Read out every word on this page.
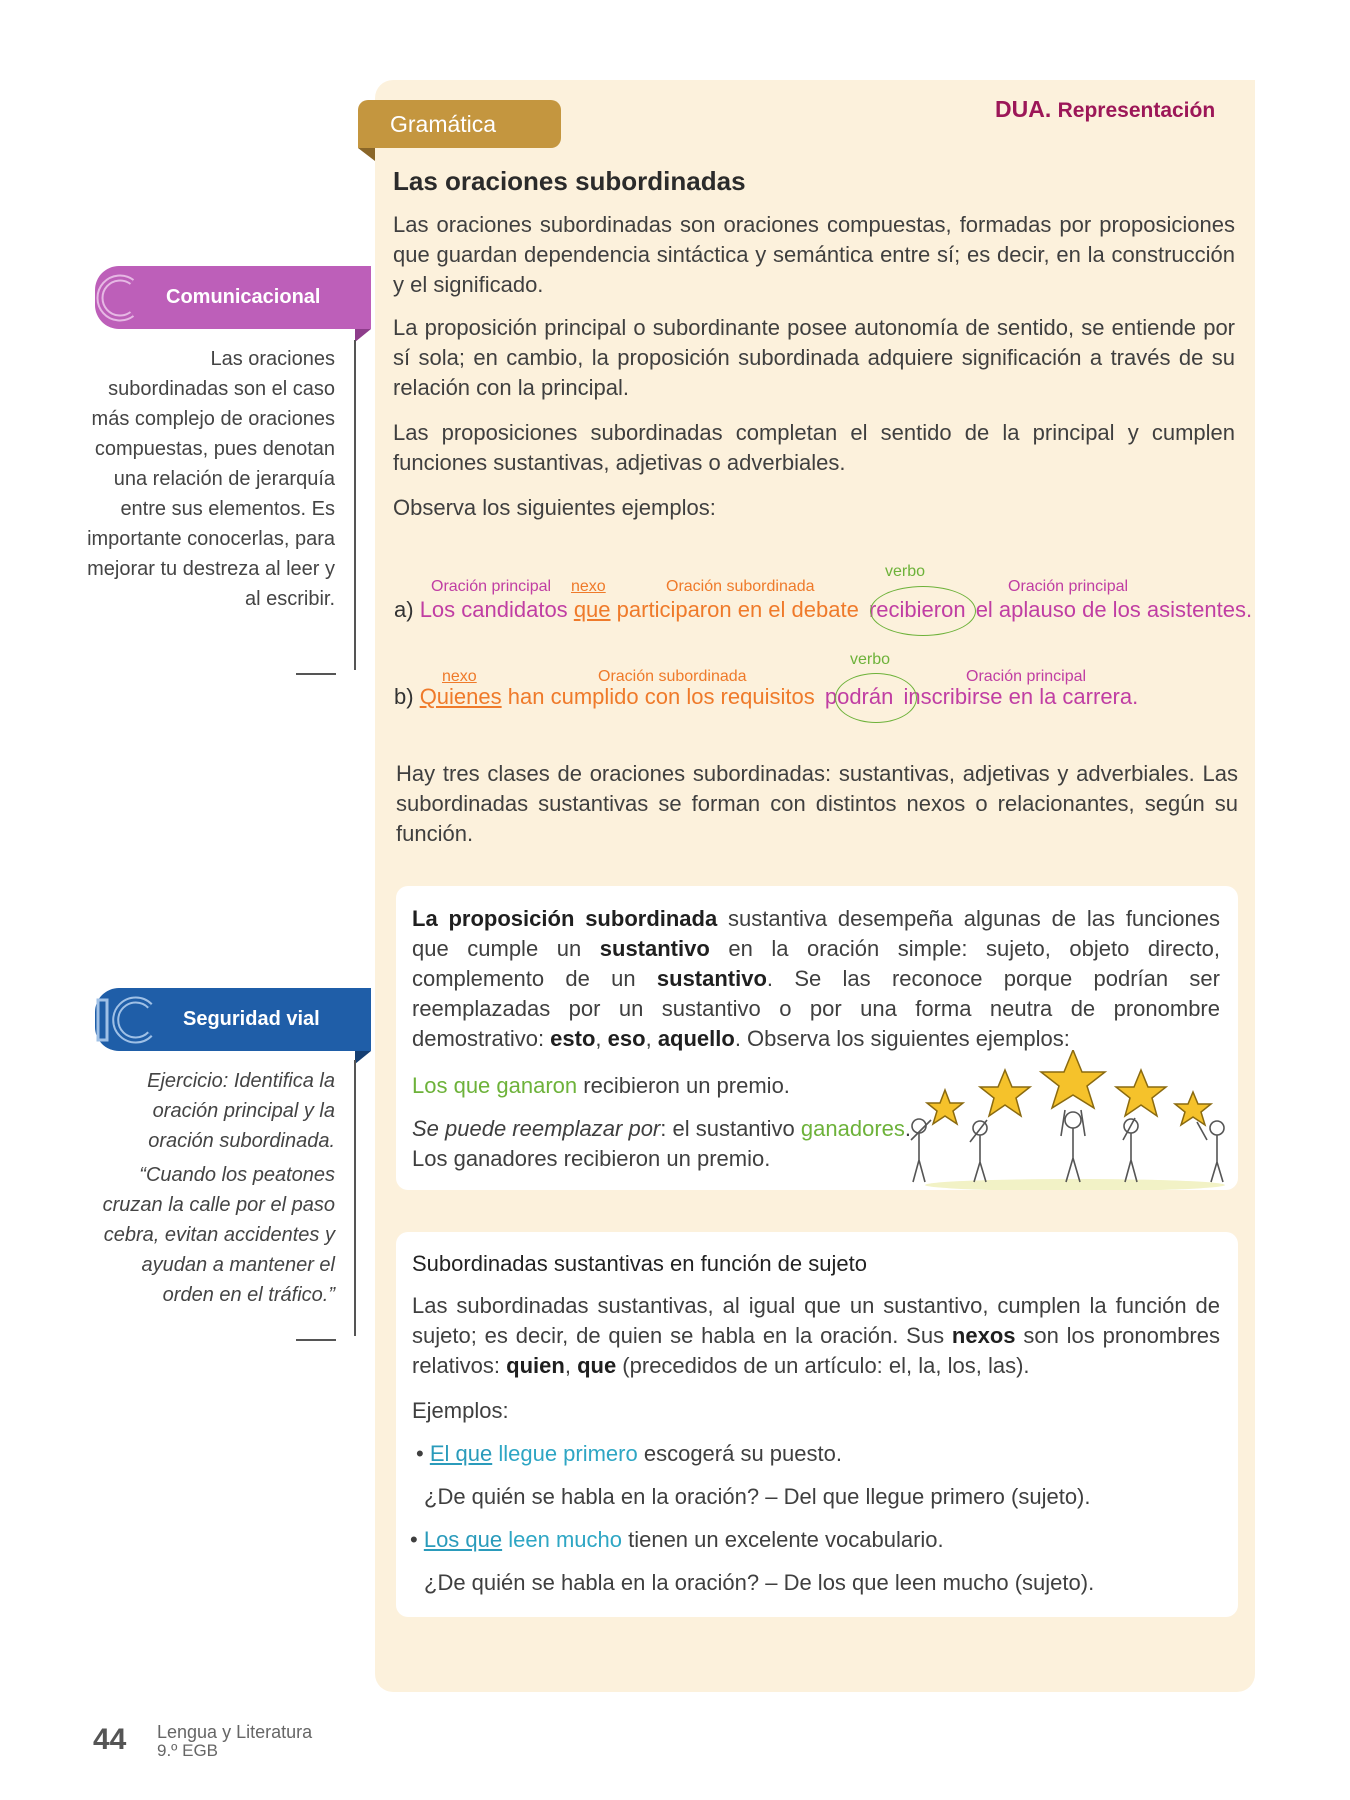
DUA. Representación
Gramática
Las oraciones subordinadas
Las oraciones subordinadas son oraciones compuestas, formadas por proposiciones que guardan dependencia sintáctica y semántica entre sí; es decir, en la construcción y el significado.
La proposición principal o subordinante posee autonomía de sentido, se entiende por sí sola; en cambio, la proposición subordinada adquiere significación a través de su relación con la principal.
Las proposiciones subordinadas completan el sentido de la principal y cumplen funciones sustantivas, adjetivas o adverbiales.
Observa los siguientes ejemplos:
verbo
Oración principal nexo	Oración subordinada	Oración principal
a) Los candidatos que participaron en el debate recibieron el aplauso de los asistentes.
verbo
nexo	Oración subordinada	Oración principal
b) Quienes han cumplido con los requisitos podrán inscribirse en la carrera.
Hay tres clases de oraciones subordinadas: sustantivas, adjetivas y adverbiales. Las subordinadas sustantivas se forman con distintos nexos o relacionantes, según su función.
La proposición subordinada sustantiva desempeña algunas de las funciones que cumple un sustantivo en la oración simple: sujeto, objeto directo, complemento de un sustantivo. Se las reconoce porque podrían ser reemplazadas por un sustantivo o por una forma neutra de pronombre demostrativo: esto, eso, aquello. Observa los siguientes ejemplos:
Los que ganaron recibieron un premio.
Se puede reemplazar por: el sustantivo ganadores.
Los ganadores recibieron un premio.
Subordinadas sustantivas en función de sujeto
Las subordinadas sustantivas, al igual que un sustantivo, cumplen la función de sujeto; es decir, de quien se habla en la oración. Sus nexos son los pronombres relativos: quien, que (precedidos de un artículo: el, la, los, las).
Ejemplos:
• El que llegue primero escogerá su puesto.
¿De quién se habla en la oración? – Del que llegue primero (sujeto).
• Los que leen mucho tienen un excelente vocabulario.
¿De quién se habla en la oración? – De los que leen mucho (sujeto).
Comunicacional
Las oraciones subordinadas son el caso más complejo de oraciones compuestas, pues denotan una relación de jerarquía entre sus elementos. Es importante conocerlas, para mejorar tu destreza al leer y al escribir.
Seguridad vial
Ejercicio: Identifica la oración principal y la oración subordinada.
“Cuando los peatones cruzan la calle por el paso cebra, evitan accidentes y ayudan a mantener el orden en el tráfico.”
44 Lengua y Literatura
9.º EGB
